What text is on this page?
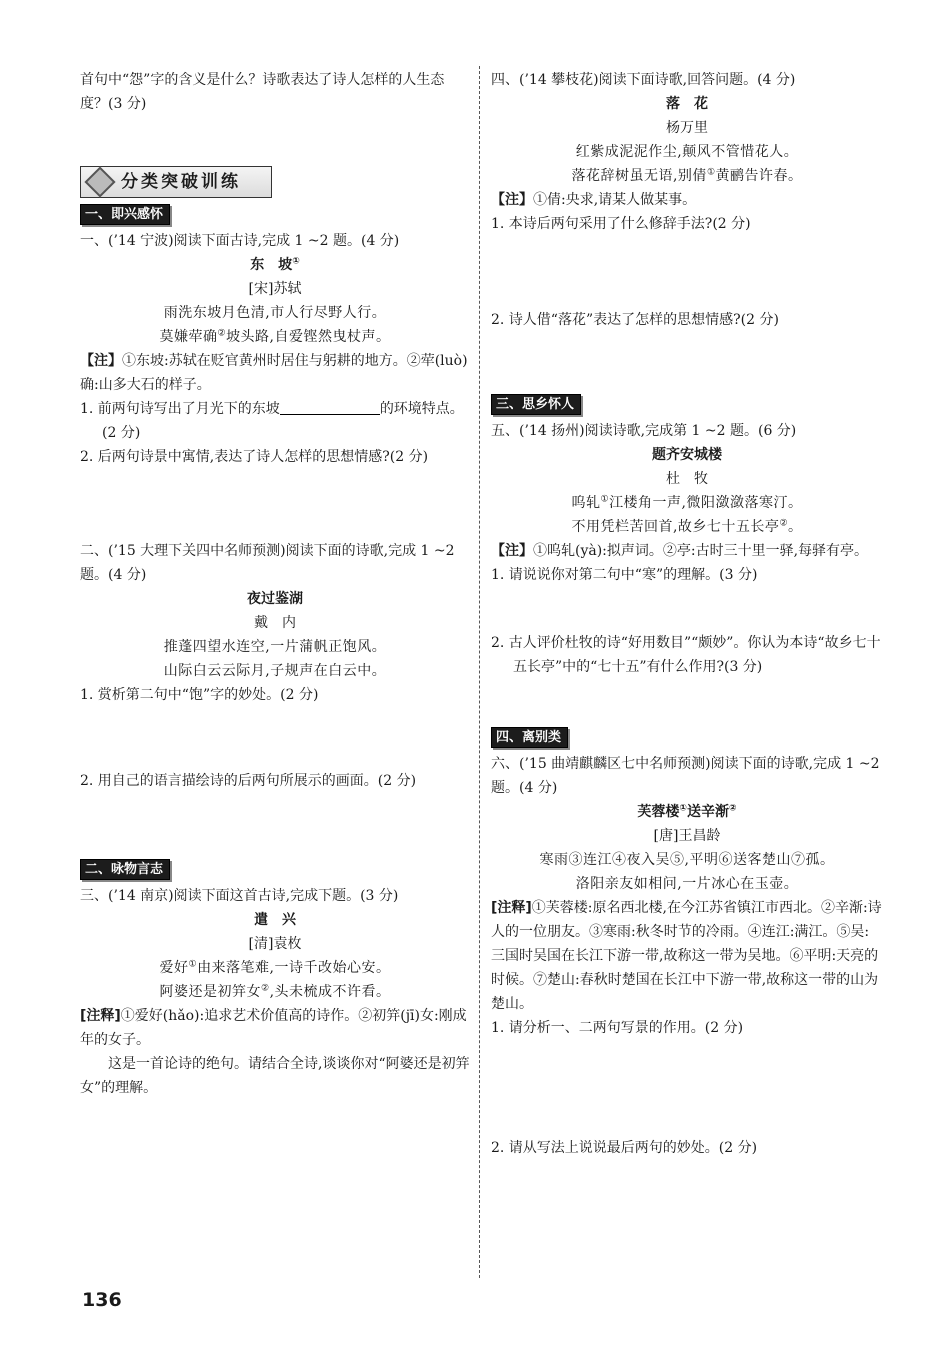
首句中“怨”字的含义是什么？诗歌表达了诗人怎样的人生态度？(3 分)

分类突破训练
一、即兴感怀

一、(’14 宁波)阅读下面古诗,完成 1 ~2 题。(4 分)

东　坡①

[宋]苏轼

雨洗东坡月色清,市人行尽野人行。

莫嫌荦确②坡头路,自爱铿然曳杖声。

【注】①东坡:苏轼在贬官黄州时居住与躬耕的地方。②荦(luò)确:山多大石的样子。

1. 前两句诗写出了月光下的东坡	的环境特点。(2 分)

2. 后两句诗景中寓情,表达了诗人怎样的思想情感?(2 分)

二、(’15 大理下关四中名师预测)阅读下面的诗歌,完成 1 ~2 题。(4 分)

夜过鉴湖

戴　内

推蓬四望水连空,一片蒲帆正饱风。

山际白云云际月,子规声在白云中。

1. 赏析第二句中“饱”字的妙处。(2 分)

2. 用自己的语言描绘诗的后两句所展示的画面。(2 分)

二、咏物言志

三、(’14 南京)阅读下面这首古诗,完成下题。(3 分)

遣　兴

[清]袁枚

爱好①由来落笔难,一诗千改始心安。

阿婆还是初笄女②,头未梳成不许看。

[注释]①爱好(hǎo):追求艺术价值高的诗作。②初笄(jī)女:刚成年的女子。

这是一首论诗的绝句。请结合全诗,谈谈你对“阿婆还是初笄女”的理解。

四、(’14 攀枝花)阅读下面诗歌,回答问题。(4 分)

落　花

杨万里

红紫成泥泥作尘,颠风不管惜花人。

落花辞树虽无语,别倩①黄鹂告许春。

【注】①倩:央求,请某人做某事。

1. 本诗后两句采用了什么修辞手法?(2 分)

2. 诗人借“落花”表达了怎样的思想情感?(2 分)

三、思乡怀人

五、(’14 扬州)阅读诗歌,完成第 1 ~2 题。(6 分)

题齐安城楼

杜　牧

呜轧①江楼角一声,微阳潋潋落寒汀。

不用凭栏苦回首,故乡七十五长亭②。

【注】①呜轧(yà):拟声词。②亭:古时三十里一驿,每驿有亭。

1. 请说说你对第二句中“寒”的理解。(3 分)

2. 古人评价杜牧的诗“好用数目”“颇妙”。你认为本诗“故乡七十五长亭”中的“七十五”有什么作用?(3 分)

四、离别类

六、(’15 曲靖麒麟区七中名师预测)阅读下面的诗歌,完成 1 ~2 题。(4 分)

芙蓉楼①送辛渐②

[唐]王昌龄

寒雨③连江④夜入吴⑤,平明⑥送客楚山⑦孤。

洛阳亲友如相问,一片冰心在玉壶。

[注释]①芙蓉楼:原名西北楼,在今江苏省镇江市西北。②辛渐:诗人的一位朋友。③寒雨:秋冬时节的冷雨。④连江:满江。⑤吴:三国时吴国在长江下游一带,故称这一带为吴地。⑥平明:天亮的时候。⑦楚山:春秋时楚国在长江中下游一带,故称这一带的山为楚山。

1. 请分析一、二两句写景的作用。(2 分)

2. 请从写法上说说最后两句的妙处。(2 分)

136
